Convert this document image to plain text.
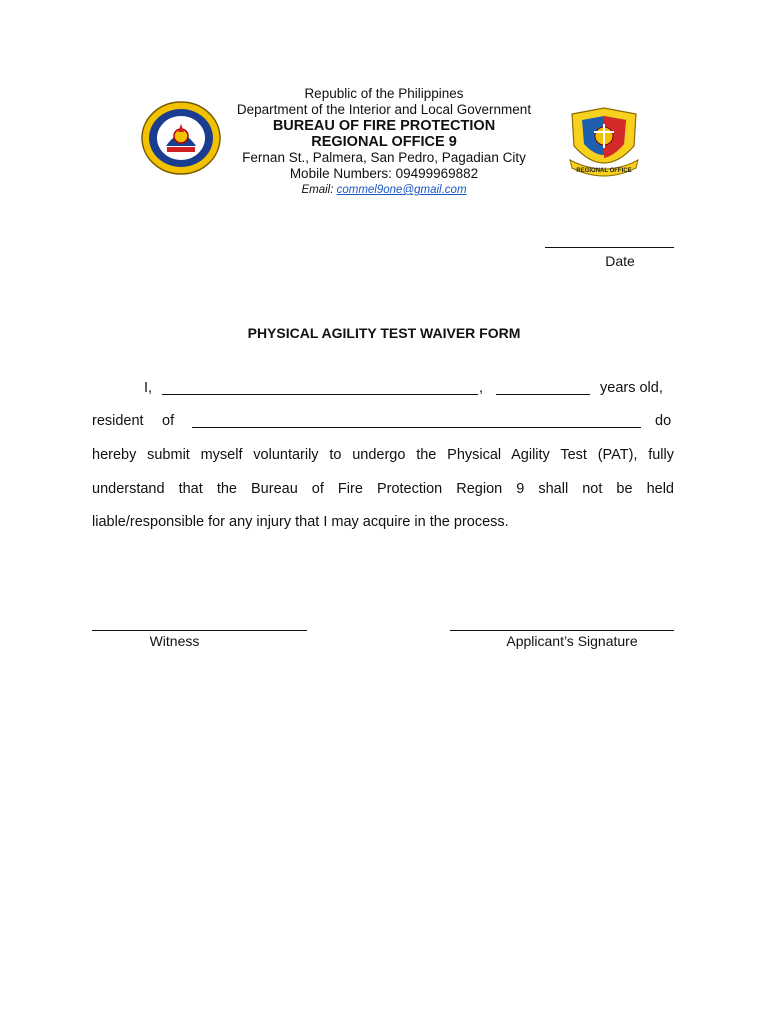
Republic of the Philippines
Department of the Interior and Local Government
BUREAU OF FIRE PROTECTION
REGIONAL OFFICE 9
Fernan St., Palmera, San Pedro, Pagadian City
Mobile Numbers: 09499969882
Email: commel9one@gmail.com
REGIONAL OFFICE
Date
PHYSICAL AGILITY TEST WAIVER FORM
I,	,	years old,
resident of	do
hereby submit myself voluntarily to undergo the Physical Agility Test (PAT), fully
understand that the Bureau of Fire Protection Region 9 shall not be held
liable/responsible for any injury that I may acquire in the process.
Witness	Applicant’s Signature
